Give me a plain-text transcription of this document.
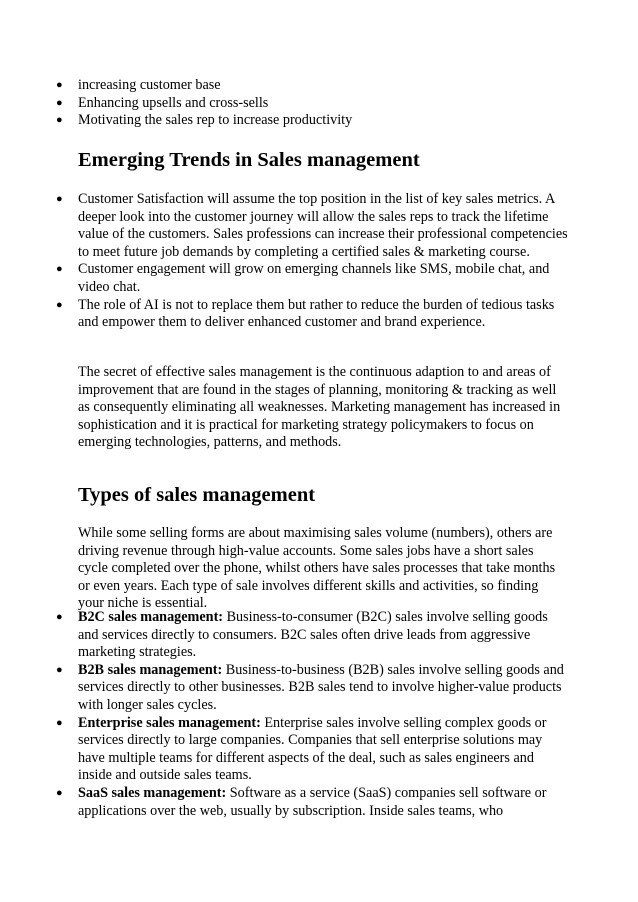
● increasing customer base
● Enhancing upsells and cross-sells
● Motivating the sales rep to increase productivity
Emerging Trends in Sales management
● Customer Satisfaction will assume the top position in the list of key sales metrics. A deeper look into the customer journey will allow the sales reps to track the lifetime value of the customers. Sales professions can increase their professional competencies to meet future job demands by completing a certified sales & marketing course.
● Customer engagement will grow on emerging channels like SMS, mobile chat, and video chat.
● The role of AI is not to replace them but rather to reduce the burden of tedious tasks and empower them to deliver enhanced customer and brand experience.

The secret of effective sales management is the continuous adaption to and areas of improvement that are found in the stages of planning, monitoring & tracking as well as consequently eliminating all weaknesses. Marketing management has increased in sophistication and it is practical for marketing strategy policymakers to focus on emerging technologies, patterns, and methods.

Types of sales management

While some selling forms are about maximising sales volume (numbers), others are driving revenue through high-value accounts. Some sales jobs have a short sales cycle completed over the phone, whilst others have sales processes that take months or even years. Each type of sale involves different skills and activities, so finding your niche is essential.

● B2C sales management: Business-to-consumer (B2C) sales involve selling goods and services directly to consumers. B2C sales often drive leads from aggressive marketing strategies.
● B2B sales management: Business-to-business (B2B) sales involve selling goods and services directly to other businesses. B2B sales tend to involve higher-value products with longer sales cycles.
● Enterprise sales management: Enterprise sales involve selling complex goods or services directly to large companies. Companies that sell enterprise solutions may have multiple teams for different aspects of the deal, such as sales engineers and inside and outside sales teams.
● SaaS sales management: Software as a service (SaaS) companies sell software or applications over the web, usually by subscription. Inside sales teams, who
